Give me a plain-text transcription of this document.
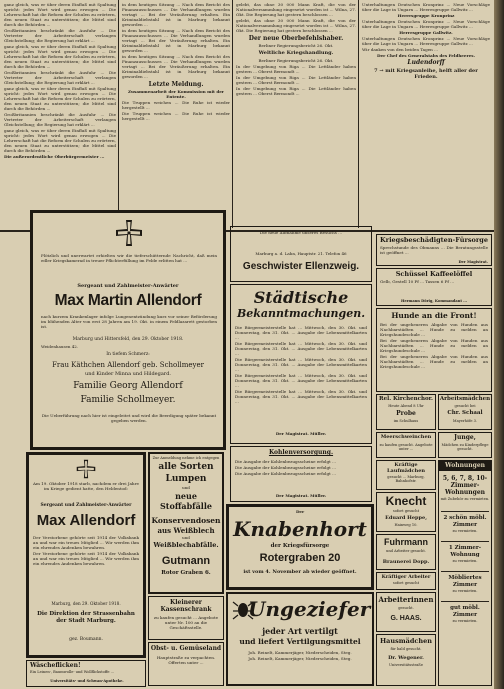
ganz gleich, was er über deren Einfluß mit Spaltung spricht: jedes Wort wird genau erwogen ... Die Lehrerschaft hat die Reform der Schulen zu erörtern, den neuen Staat zu unterstützen; die Mittel sind durch die Behörden ...

Großbritannien beschränkt die Ausfuhr ... Die Vertreter der Arbeiterschaft verlangen Gleichstellung; die Regierung hat erklärt ...

ganz gleich, was er über deren Einfluß mit Spaltung spricht: jedes Wort wird genau erwogen ... Die Lehrerschaft hat die Reform der Schulen zu erörtern, den neuen Staat zu unterstützen; die Mittel sind durch die Behörden ...

Großbritannien beschränkt die Ausfuhr ... Die Vertreter der Arbeiterschaft verlangen Gleichstellung; die Regierung hat erklärt ...

ganz gleich, was er über deren Einfluß mit Spaltung spricht: jedes Wort wird genau erwogen ... Die Lehrerschaft hat die Reform der Schulen zu erörtern, den neuen Staat zu unterstützen; die Mittel sind durch die Behörden ...

Großbritannien beschränkt die Ausfuhr ... Die Vertreter der Arbeiterschaft verlangen Gleichstellung; die Regierung hat erklärt ...

ganz gleich, was er über deren Einfluß mit Spaltung spricht: jedes Wort wird genau erwogen ... Die Lehrerschaft hat die Reform der Schulen zu erörtern, den neuen Staat zu unterstützen; die Mittel sind durch die Behörden ...

Die außerordentliche Oberbürgermeister ...

in dem heutigen Sitzung ... Nach dem Bericht des Finanzausschusses ... Die Verhandlungen wurden vertagt ... Bei der Veräußerung erhalten. Ein Kriminaldiebstahl ist in Marburg bekannt geworden ...

in dem heutigen Sitzung ... Nach dem Bericht des Finanzausschusses ... Die Verhandlungen wurden vertagt ... Bei der Veräußerung erhalten. Ein Kriminaldiebstahl ist in Marburg bekannt geworden ...

in dem heutigen Sitzung ... Nach dem Bericht des Finanzausschusses ... Die Verhandlungen wurden vertagt ... Bei der Veräußerung erhalten. Ein Kriminaldiebstahl ist in Marburg bekannt geworden ...

Letzte Meldung.

Zusammenarbeit der Kommission mit der Entente.

Die Truppen weichen ... Die Ruhe ist wieder hergestellt ...

Die Truppen weichen ... Die Ruhe ist wieder hergestellt ...

gelebt, das ohne 30 000 Mann Kraft, die von der Nationalversammlung eingesetzt worden ist ... Wilna, 27. Okt. Die Regierung hat gestern beschlossen ...

gelebt, das ohne 30 000 Mann Kraft, die von der Nationalversammlung eingesetzt worden ist ... Wilna, 27. Okt. Die Regierung hat gestern beschlossen ...

Der neue Oberbefehlshaber.

Berliner Regierungsbericht 26. Okt.

Weltliche Kriegshandlung.

Berliner Regierungsbericht 26. Okt.

In der Umgebung von Riga ... Die Lettländer haben gestern ... Oberst Bermondt ...

In der Umgebung von Riga ... Die Lettländer haben gestern ... Oberst Bermondt ...

In der Umgebung von Riga ... Die Lettländer haben gestern ... Oberst Bermondt ...

Unterhaltungen Deutschen Kronprinz ... Neue Vorschläge über die Lage in Ungarn ... Heeresgruppe Gallwitz ...

Herresgruppe Kronprinz

Unterhaltungen Deutschen Kronprinz ... Neue Vorschläge über die Lage in Ungarn ... Heeresgruppe Gallwitz ...

Herresgruppe Gallwitz.

Unterhaltungen Deutschen Kronprinz ... Neue Vorschläge über die Lage in Ungarn ... Heeresgruppe Gallwitz ...

Wir danken von den beiden Tagen ...

Der Chef des Generalstabs des Feldheeres.

Ludendorff

7 → mit Kriegsanleihe, helft aller der Frieden.

Plötzlich und unerwartet erhielten wir die tieferschütternde Nachricht, daß mein edler Kriegskamerad in treuer Pflichterfüllung im Felde erlitten hat ...

Sergeant und Zahlmeister-Anwärter
Max Martin Allendorf

nach kurzem Krankenlager infolge Lungenentzündung kurz vor seiner Beförderung im blühenden Alter von erst 28 Jahren am 19. Okt. in einem Feldlazarett gestorben ist.

Marburg und Hittersfeld, den 29. Oktober 1918.
Weidenhausen 42.
In tiefem Schmerz:
Frau Käthchen Allendorf geb. Schollmeyer
und Kinder Minna und Hildegard.
Familie Georg Allendorf
Familie Schollmeyer.

Die Ueberführung nach hier ist eingeleitet und wird die Beerdigung später bekannt gegeben werden.

Die neue Aufnahme unseres Besuchs ...

Marburg a. d. Lahn, Hauptstr. 21. Telefon 46
Geschwister Ellenzweig.
Städtische
Bekanntmachungen.

Die Bürgermeisterstelle hat ... Mittwoch, den 30. Okt. und Donnerstag, den 31. Okt. ... Ausgabe der Lebensmittelkarten ...

Die Bürgermeisterstelle hat ... Mittwoch, den 30. Okt. und Donnerstag, den 31. Okt. ... Ausgabe der Lebensmittelkarten ...

Die Bürgermeisterstelle hat ... Mittwoch, den 30. Okt. und Donnerstag, den 31. Okt. ... Ausgabe der Lebensmittelkarten ...

Die Bürgermeisterstelle hat ... Mittwoch, den 30. Okt. und Donnerstag, den 31. Okt. ... Ausgabe der Lebensmittelkarten ...

Die Bürgermeisterstelle hat ... Mittwoch, den 30. Okt. und Donnerstag, den 31. Okt. ... Ausgabe der Lebensmittelkarten ...

Der Magistrat. Müller.
Kohlenversorgung.

Die Ausgabe der Kohlenbezugsscheine erfolgt ...

Die Ausgabe der Kohlenbezugsscheine erfolgt ...

Die Ausgabe der Kohlenbezugsscheine erfolgt ...

Der Magistrat. Müller.
Der
Knabenhort
der Kriegsfürsorge
Rotergraben 20
ist vom 4. November ab wieder geöffnet.
Ungeziefer
jeder Art vertilgt
und liefert Vertilgungsmittel

Joh. Reinelt, Kammerjäger, Niederscheiden, Steg.

Joh. Reinelt, Kammerjäger, Niederscheiden, Steg.

Am 19. Oktober 1918 starb, nachdem er drei Jahre im Kriege gedient hatte, den Heldentod:

Sergeant und Zahlmeister-Anwärter
Max Allendorf

Der Verstorbene gehörte seit 1914 der Volksbank an und war ein treues Mitglied ... Wir werden ihm ein ehrendes Andenken bewahren.

Der Verstorbene gehörte seit 1914 der Volksbank an und war ein treues Mitglied ... Wir werden ihm ein ehrendes Andenken bewahren.

Marburg, den 29. Oktober 1918.
Die Direktion der Strassenbahn der Stadt Marburg.
gez. Boumann.
Zur Anmeldung nehme ich entgegen
alle Sorten
Lumpen
und
neue
Stoffabfälle
Konservendosen
aus Weißblech
und
Weißblechabfälle.
Gutmann
Rotor Graben 6.
Kleinerer Kassenschrank

zu kaufen gesucht ... Angebote unter Nr. 100 an die Geschäftsstelle.

Obst- u. Gemüseland

Hauptstraße zu verpachten. Offerten unter ...

Wäscheflicken!
Ein Leinen-, Baumwolle- und Wollflickstoffe ...
Universitäts- und Schwan-Apotheke.
Kriegsbeschädigten-Fürsorge

Sprechstunde des Obmanns ... Die Beratungsstelle ist geöffnet ...

Der Magistrat.
Schüssel Kaffeelöffel

Gelb, Gestell 10 Pf ... Tassen 6 Pf ...

Hermann Dörig, Kommandant ...
Hunde an die Front!

Bei der ungeheueren Abgabe von Hunden aus Nachbarstädten ... Hunde zu melden an Kriegshundeschule ...

Bei der ungeheueren Abgabe von Hunden aus Nachbarstädten ... Hunde zu melden an Kriegshundeschule ...

Bei der ungeheueren Abgabe von Hunden aus Nachbarstädten ... Hunde zu melden an Kriegshundeschule ...

Rel. Kirchenchor.
Heute Abend 8 Uhr
Probe
im Schulhaus
Arbeitsmädchen
gesucht bei
Chr. Schaal
Mayerhöfe 3.
Meerschweinchen
zu kaufen gesucht. Angebote unter ...
Junge,
Mädchen zu Kinderpflege gesucht.
Kräftige Laufmädchen
gesucht ... Marburg, Bahnhofstr.
Knecht
sofort gesucht
Eduard Heppe,
Hainweg 10.
Fuhrmann
und Arbeiter gesucht.
Braunerei Dopp.
Kräftiger Arbeiter
sofort gesucht
Arbeiterinnen
gesucht.
G. HAAS.
Hausmädchen
für bald gesucht.
Dr. Wegener.
Universitätsstraße
Wohnungen
5, 6, 7, 8, 10-Zimmer-Wohnungen
mit Zubehör zu vermieten.
2 schön möbl. Zimmer
zu vermieten.
1 Zimmer-Wohnung
zu vermieten.
Möbliertes Zimmer
zu vermieten.
gut möbl. Zimmer
zu vermieten.
